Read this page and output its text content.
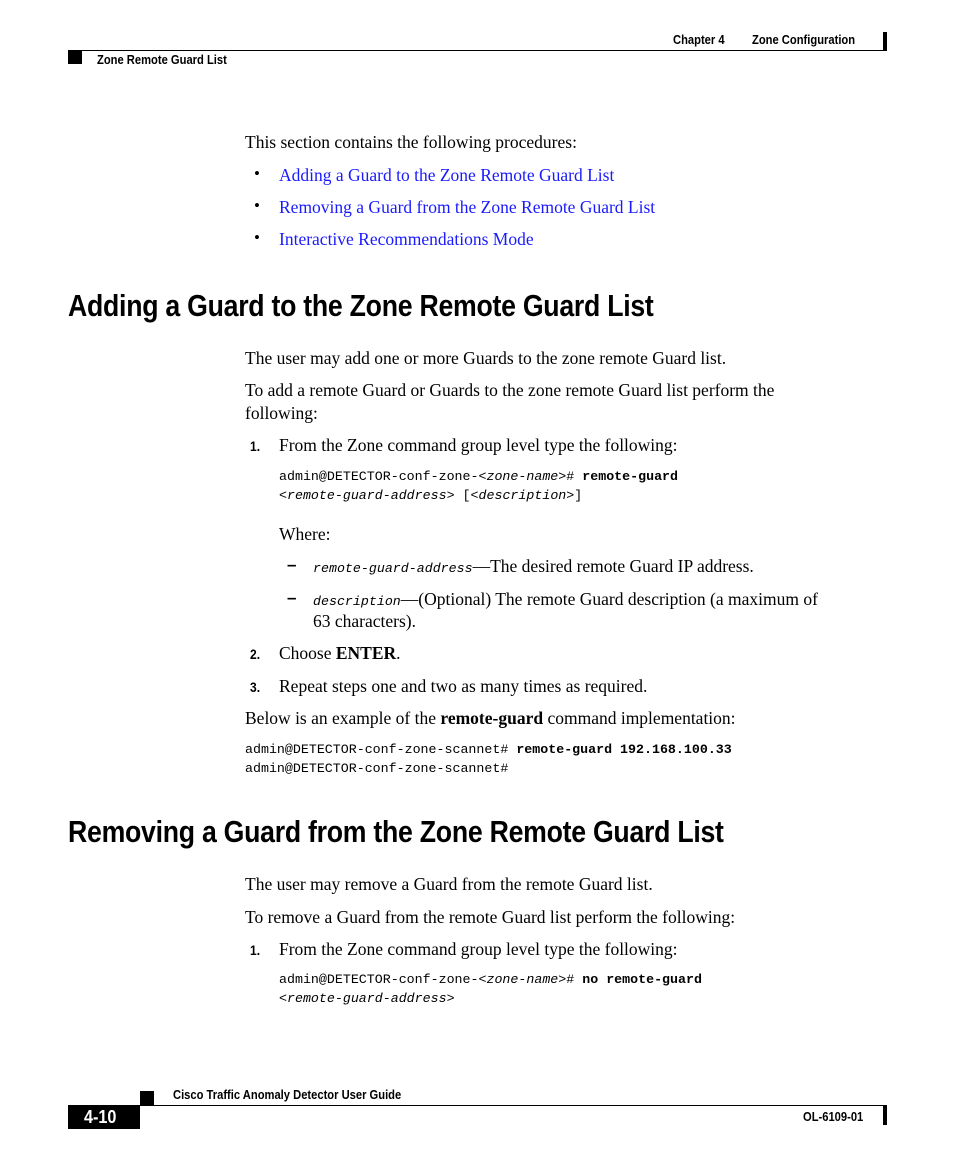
Chapter 4 Zone Configuration
Zone Remote Guard List
This section contains the following procedures:
• Adding a Guard to the Zone Remote Guard List
• Removing a Guard from the Zone Remote Guard List
• Interactive Recommendations Mode
Adding a Guard to the Zone Remote Guard List
The user may add one or more Guards to the zone remote Guard list.
To add a remote Guard or Guards to the zone remote Guard list perform the
following:
1. From the Zone command group level type the following:
admin@DETECTOR-conf-zone-<zone-name># remote-guard
<remote-guard-address> [<description>]
Where:
– remote-guard-address—The desired remote Guard IP address.
– description—(Optional) The remote Guard description (a maximum of
63 characters).
2. Choose ENTER.
3. Repeat steps one and two as many times as required.
Below is an example of the remote-guard command implementation:
admin@DETECTOR-conf-zone-scannet# remote-guard 192.168.100.33
admin@DETECTOR-conf-zone-scannet#
Removing a Guard from the Zone Remote Guard List
The user may remove a Guard from the remote Guard list.
To remove a Guard from the remote Guard list perform the following:
1. From the Zone command group level type the following:
admin@DETECTOR-conf-zone-<zone-name># no remote-guard
<remote-guard-address>
Cisco Traffic Anomaly Detector User Guide
4-10	OL-6109-01
